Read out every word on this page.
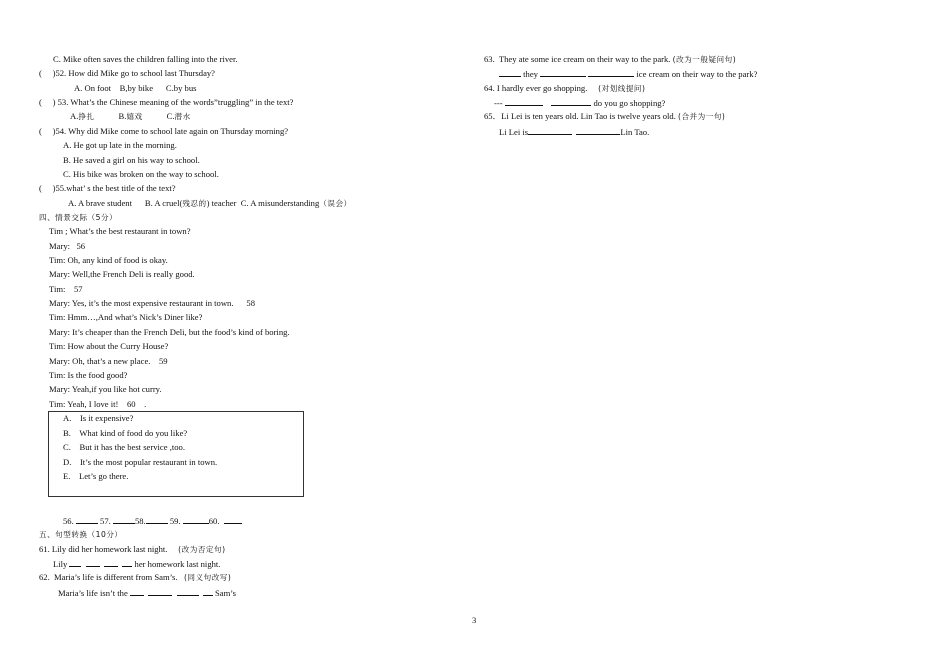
C. Mike often saves the children falling into the river.
(     )52. How did Mike go to school last Thursday?
A. On foot    B,by bike      C.by bus
(     ) 53. What’s the Chinese meaning of the words”truggling” in the text?
A.挣扎	B.嬉戏	C.潜水
(     )54. Why did Mike come to school late again on Thursday morning?
A. He got up late in the morning.
B. He saved a girl on his way to school.
C. His bike was broken on the way to school.
(     )55.what’ s the best title of the text?
A. A brave student      B. A cruel(残忍的) teacher  C. A misunderstanding（误会）
四、情景交际（5分）
Tim ; What’s the best restaurant in town?
Mary:   56
Tim: Oh, any kind of food is okay.
Mary: Well,the French Deli is really good.
Tim:    57
Mary: Yes, it’s the most expensive restaurant in town.      58
Tim: Hmm…,And what’s Nick’s Diner like?
Mary: It’s cheaper than the French Deli, but the food’s kind of boring.
Tim: How about the Curry House?
Mary: Oh, that’s a new place.    59
Tim: Is the food good?
Mary: Yeah,if you like hot curry.
Tim: Yeah, I love it!    60    .
A.    Is it expensive?
B.    What kind of food do you like?
C.    But it has the best service ,too.
D.    It’s the most popular restaurant in town.
E.    Let’s go there.
56.	57.	58.	59.	60.
五、句型转换（10分）
61. Lily did her homework last night. (改为否定句)
Lily	her homework last night.
62.  Maria’s life is different from Sam’s. (同义句改写)
Maria’s life isn’t the	Sam’s
63.  They ate some ice cream on their way to the park. (改为一般疑问句)
they	ice cream on their way to the park?
64. I hardly ever go shopping. (对划线提问)
---	do you go shopping?
65．Li Lei is ten years old. Lin Tao is twelve years old. (合并为一句)
Li Lei is	Lin Tao.
3
